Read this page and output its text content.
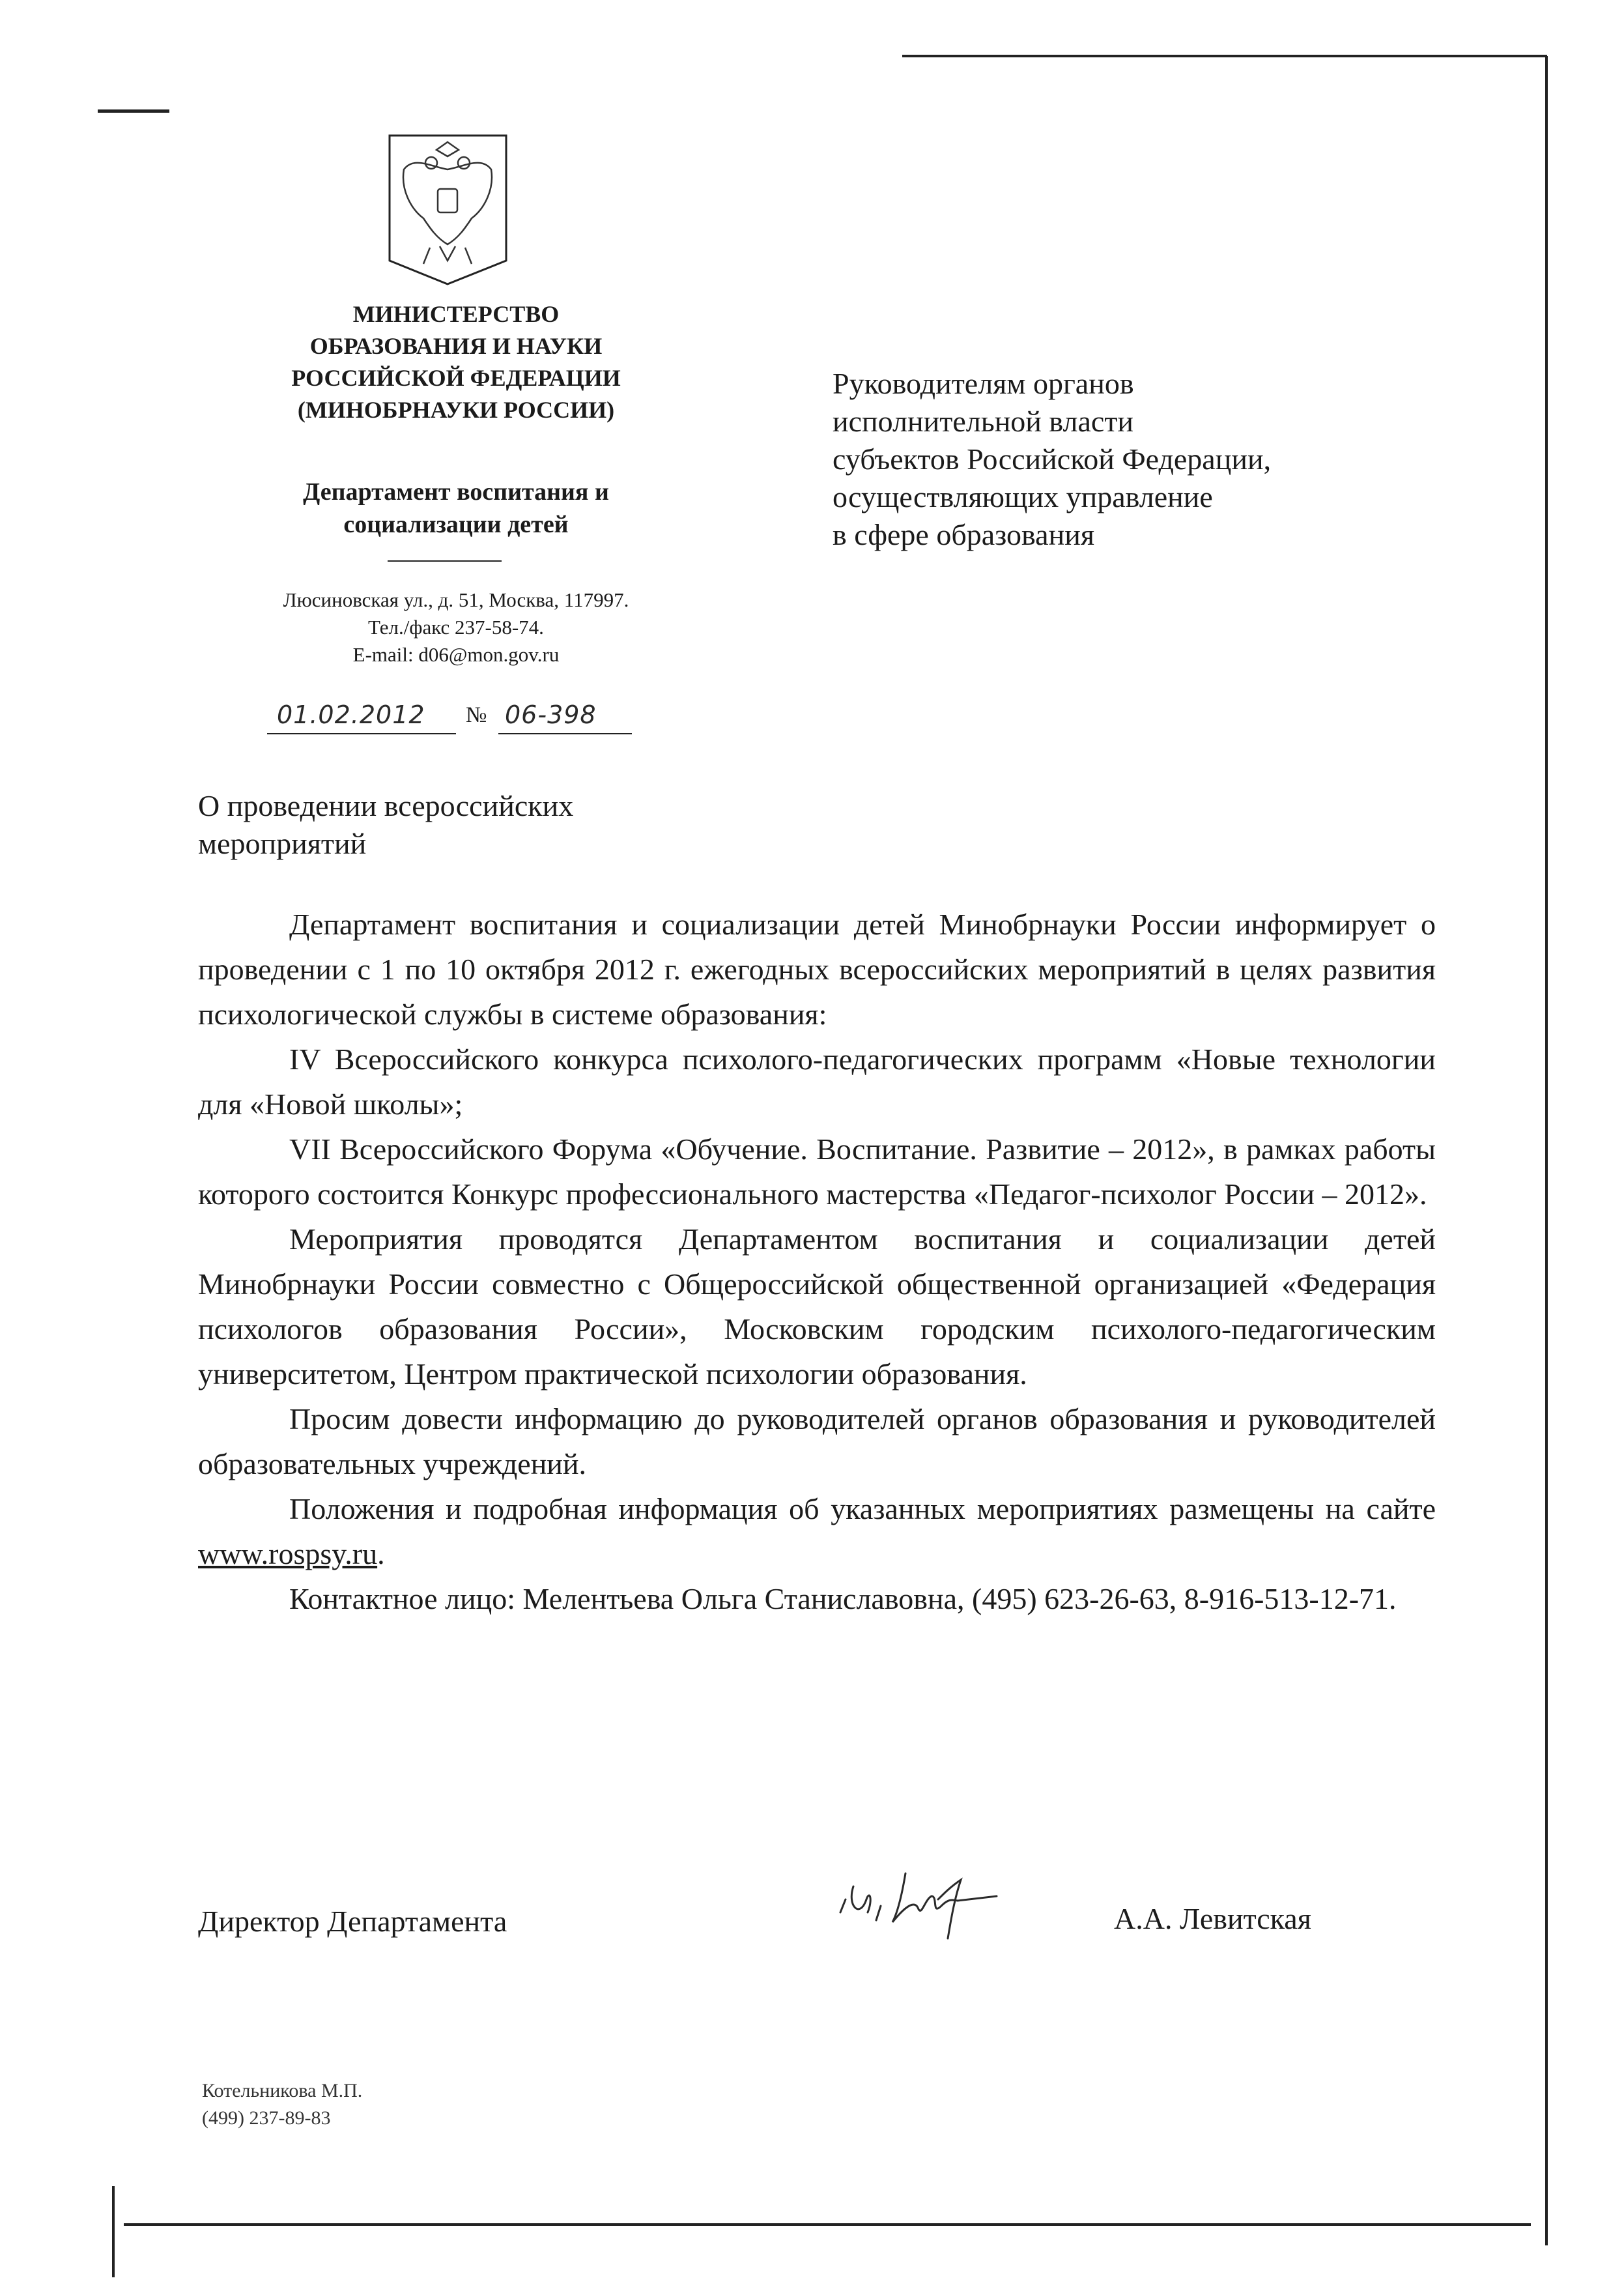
МИНИСТЕРСТВО
ОБРАЗОВАНИЯ И НАУКИ
РОССИЙСКОЙ ФЕДЕРАЦИИ
(МИНОБРНАУКИ РОССИИ)
Департамент воспитания и
социализации детей
Люсиновская ул., д. 51, Москва, 117997.
Тел./факс 237-58-74.
E-mail: d06@mon.gov.ru
01.02.2012 № 06-398
Руководителям органов
исполнительной власти
субъектов Российской Федерации,
осуществляющих управление
в сфере образования
О проведении всероссийских
мероприятий

Департамент воспитания и социализации детей Минобрнауки России информирует о проведении с 1 по 10 октября 2012 г. ежегодных всероссийских мероприятий в целях развития психологической службы в системе образования:

IV Всероссийского конкурса психолого-педагогических программ «Новые технологии для «Новой школы»;

VII Всероссийского Форума «Обучение. Воспитание. Развитие – 2012», в рамках работы которого состоится Конкурс профессионального мастерства «Педагог-психолог России – 2012».

Мероприятия проводятся Департаментом воспитания и социализации детей Минобрнауки России совместно с Общероссийской общественной организацией «Федерация психологов образования России», Московским городским психолого-педагогическим университетом, Центром практической психологии образования.

Просим довести информацию до руководителей органов образования и руководителей образовательных учреждений.

Положения и подробная информация об указанных мероприятиях размещены на сайте www.rospsy.ru.

Контактное лицо: Мелентьева Ольга Станиславовна, (495) 623-26-63, 8-916-513-12-71.

Директор Департамента	А.А. Левитская
Котельникова М.П.
(499) 237-89-83
